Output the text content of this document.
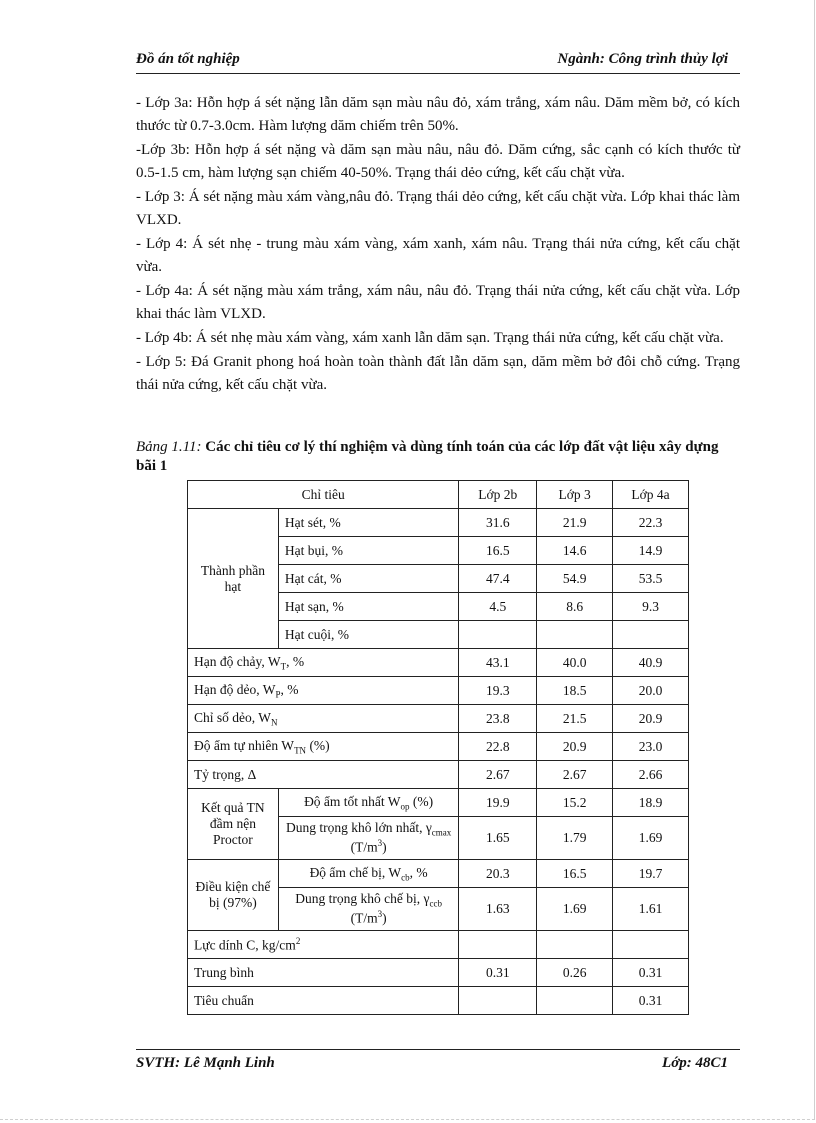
Đồ án tốt nghiệp	Ngành: Công trình thủy lợi

- Lớp 3a: Hỗn hợp á sét nặng lẫn dăm sạn màu nâu đỏ, xám trắng, xám nâu. Dăm mềm bở, có kích thước từ 0.7-3.0cm. Hàm lượng dăm chiếm trên 50%.

-Lớp 3b: Hỗn hợp á sét nặng và dăm sạn màu nâu, nâu đỏ. Dăm cứng, sắc cạnh có kích thước từ 0.5-1.5 cm, hàm lượng sạn chiếm 40-50%. Trạng thái dẻo cứng, kết cấu chặt vừa.

- Lớp 3: Á sét nặng màu xám vàng,nâu đỏ. Trạng thái dẻo cứng, kết cấu chặt vừa. Lớp khai thác làm VLXD.

- Lớp 4: Á sét nhẹ - trung màu xám vàng, xám xanh, xám nâu. Trạng thái nửa cứng, kết cấu chặt vừa.

- Lớp 4a: Á sét nặng màu xám trắng, xám nâu, nâu đỏ. Trạng thái nửa cứng, kết cấu chặt vừa. Lớp khai thác làm VLXD.

- Lớp 4b: Á sét nhẹ màu xám vàng, xám xanh lẫn dăm sạn. Trạng thái nửa cứng, kết cấu chặt vừa.

- Lớp 5: Đá Granit phong hoá hoàn toàn thành đất lẫn dăm sạn, dăm mềm bở đôi chỗ cứng. Trạng thái nửa cứng, kết cấu chặt vừa.

Bảng 1.11: Các chỉ tiêu cơ lý thí nghiệm và dùng tính toán của các lớp đất vật liệu xây dựng bãi 1
Chỉ tiêu		Lớp 2b	Lớp 3	Lớp 4a
Thành phần hạt	Hạt sét, %	31.6	21.9	22.3
	Hạt bụi, %	16.5	14.6	14.9
	Hạt cát, %	47.4	54.9	53.5
	Hạt sạn, %	4.5	8.6	9.3
	Hạt cuội, %			
Hạn độ chảy, $W_T$, %		43.1	40.0	40.9
Hạn độ dẻo, $W_P$, %		19.3	18.5	20.0
Chỉ số dẻo, $W_N$		23.8	21.5	20.9
Độ ẩm tự nhiên $W_{TN}$ (%)		22.8	20.9	23.0
Tỷ trọng, Δ		2.67	2.67	2.66
Kết quả TN đầm nện Proctor	Độ ẩm tốt nhất $W_{op}$ (%)	19.9	15.2	18.9
	Dung trọng khô lớn nhất, $\gamma_{cmax}$ $(T/m^3)$	1.65	1.79	1.69
Điều kiện chế bị (97%)	Độ ẩm chế bị, $W_{cb}$, %	20.3	16.5	19.7
	Dung trọng khô chế bị, $\gamma_{ccb}$ $(T/m^3)$	1.63	1.69	1.61
Lực dính C, $kg/cm^2$			
Trung bình		0.31	0.26	0.31
Tiêu chuẩn				0.31
SVTH: Lê Mạnh Linh	Lớp: 48C1
